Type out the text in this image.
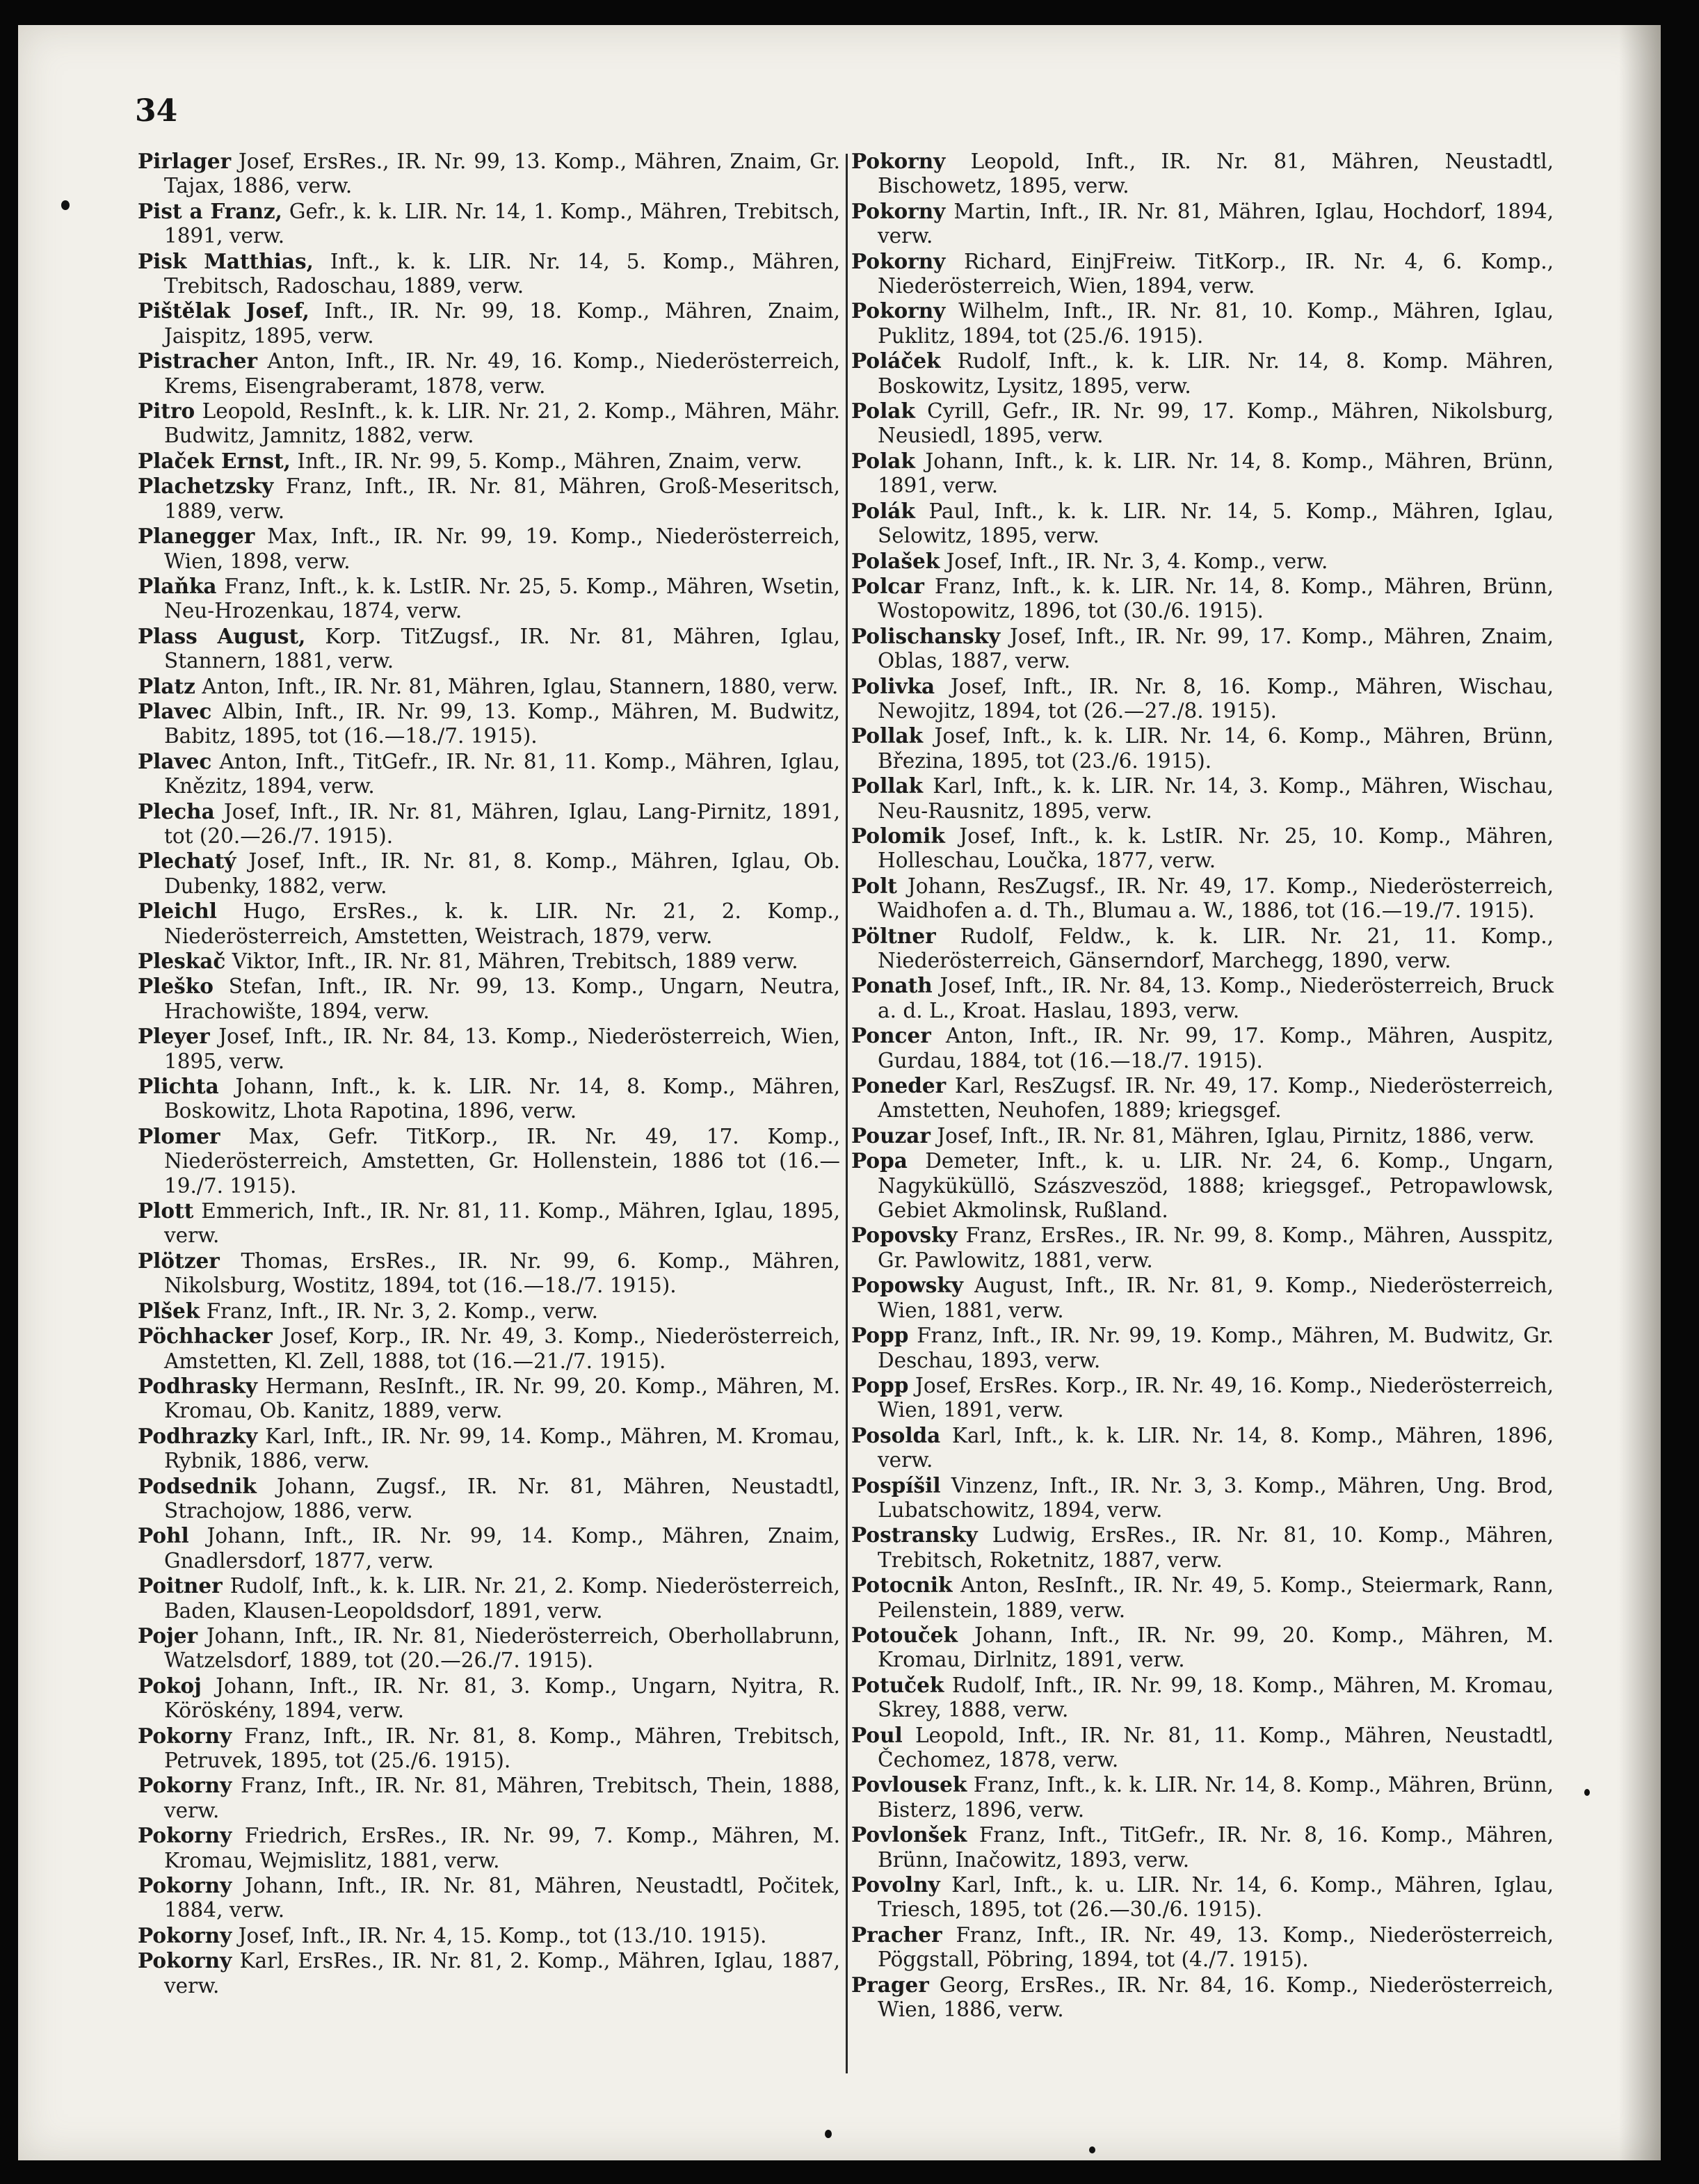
34
Pirlager Josef, ErsRes., IR. Nr. 99, 13. Komp., Mähren, Znaim, Gr. Tajax, 1886, verw.
Pist a Franz, Gefr., k. k. LIR. Nr. 14, 1. Komp., Mähren, Trebitsch, 1891, verw.
Pisk Matthias, Inft., k. k. LIR. Nr. 14, 5. Komp., Mähren, Trebitsch, Radoschau, 1889, verw.
Pištělak Josef, Inft., IR. Nr. 99, 18. Komp., Mähren, Znaim, Jaispitz, 1895, verw.
Pistracher Anton, Inft., IR. Nr. 49, 16. Komp., Niederösterreich, Krems, Eisengraberamt, 1878, verw.
Pitro Leopold, ResInft., k. k. LIR. Nr. 21, 2. Komp., Mähren, Mähr. Budwitz, Jamnitz, 1882, verw.
Plaček Ernst, Inft., IR. Nr. 99, 5. Komp., Mähren, Znaim, verw.
Plachetzsky Franz, Inft., IR. Nr. 81, Mähren, Groß-Meseritsch, 1889, verw.
Planegger Max, Inft., IR. Nr. 99, 19. Komp., Niederösterreich, Wien, 1898, verw.
Plaňka Franz, Inft., k. k. LstIR. Nr. 25, 5. Komp., Mähren, Wsetin, Neu-Hrozenkau, 1874, verw.
Plass August, Korp. TitZugsf., IR. Nr. 81, Mähren, Iglau, Stannern, 1881, verw.
Platz Anton, Inft., IR. Nr. 81, Mähren, Iglau, Stannern, 1880, verw.
Plavec Albin, Inft., IR. Nr. 99, 13. Komp., Mähren, M. Budwitz, Babitz, 1895, tot (16.—18./7. 1915).
Plavec Anton, Inft., TitGefr., IR. Nr. 81, 11. Komp., Mähren, Iglau, Knězitz, 1894, verw.
Plecha Josef, Inft., IR. Nr. 81, Mähren, Iglau, Lang-Pirnitz, 1891, tot (20.—26./7. 1915).
Plechatý Josef, Inft., IR. Nr. 81, 8. Komp., Mähren, Iglau, Ob. Dubenky, 1882, verw.
Pleichl Hugo, ErsRes., k. k. LIR. Nr. 21, 2. Komp., Niederösterreich, Amstetten, Weistrach, 1879, verw.
Pleskač Viktor, Inft., IR. Nr. 81, Mähren, Trebitsch, 1889 verw.
Pleško Stefan, Inft., IR. Nr. 99, 13. Komp., Ungarn, Neutra, Hrachowište, 1894, verw.
Pleyer Josef, Inft., IR. Nr. 84, 13. Komp., Niederösterreich, Wien, 1895, verw.
Plichta Johann, Inft., k. k. LIR. Nr. 14, 8. Komp., Mähren, Boskowitz, Lhota Rapotina, 1896, verw.
Plomer Max, Gefr. TitKorp., IR. Nr. 49, 17. Komp., Niederösterreich, Amstetten, Gr. Hollenstein, 1886 tot (16.—19./7. 1915).
Plott Emmerich, Inft., IR. Nr. 81, 11. Komp., Mähren, Iglau, 1895, verw.
Plötzer Thomas, ErsRes., IR. Nr. 99, 6. Komp., Mähren, Nikolsburg, Wostitz, 1894, tot (16.—18./7. 1915).
Plšek Franz, Inft., IR. Nr. 3, 2. Komp., verw.
Pöchhacker Josef, Korp., IR. Nr. 49, 3. Komp., Niederösterreich, Amstetten, Kl. Zell, 1888, tot (16.—21./7. 1915).
Podhrasky Hermann, ResInft., IR. Nr. 99, 20. Komp., Mähren, M. Kromau, Ob. Kanitz, 1889, verw.
Podhrazky Karl, Inft., IR. Nr. 99, 14. Komp., Mähren, M. Kromau, Rybnik, 1886, verw.
Podsednik Johann, Zugsf., IR. Nr. 81, Mähren, Neustadtl, Strachojow, 1886, verw.
Pohl Johann, Inft., IR. Nr. 99, 14. Komp., Mähren, Znaim, Gnadlersdorf, 1877, verw.
Poitner Rudolf, Inft., k. k. LIR. Nr. 21, 2. Komp. Niederösterreich, Baden, Klausen-Leopoldsdorf, 1891, verw.
Pojer Johann, Inft., IR. Nr. 81, Niederösterreich, Oberhollabrunn, Watzelsdorf, 1889, tot (20.—26./7. 1915).
Pokoj Johann, Inft., IR. Nr. 81, 3. Komp., Ungarn, Nyitra, R. Köröskény, 1894, verw.
Pokorny Franz, Inft., IR. Nr. 81, 8. Komp., Mähren, Trebitsch, Petruvek, 1895, tot (25./6. 1915).
Pokorny Franz, Inft., IR. Nr. 81, Mähren, Trebitsch, Thein, 1888, verw.
Pokorny Friedrich, ErsRes., IR. Nr. 99, 7. Komp., Mähren, M. Kromau, Wejmislitz, 1881, verw.
Pokorny Johann, Inft., IR. Nr. 81, Mähren, Neustadtl, Počitek, 1884, verw.
Pokorny Josef, Inft., IR. Nr. 4, 15. Komp., tot (13./10. 1915).
Pokorny Karl, ErsRes., IR. Nr. 81, 2. Komp., Mähren, Iglau, 1887, verw.
Pokorny Leopold, Inft., IR. Nr. 81, Mähren, Neustadtl, Bischowetz, 1895, verw.
Pokorny Martin, Inft., IR. Nr. 81, Mähren, Iglau, Hochdorf, 1894, verw.
Pokorny Richard, EinjFreiw. TitKorp., IR. Nr. 4, 6. Komp., Niederösterreich, Wien, 1894, verw.
Pokorny Wilhelm, Inft., IR. Nr. 81, 10. Komp., Mähren, Iglau, Puklitz, 1894, tot (25./6. 1915).
Poláček Rudolf, Inft., k. k. LIR. Nr. 14, 8. Komp. Mähren, Boskowitz, Lysitz, 1895, verw.
Polak Cyrill, Gefr., IR. Nr. 99, 17. Komp., Mähren, Nikolsburg, Neusiedl, 1895, verw.
Polak Johann, Inft., k. k. LIR. Nr. 14, 8. Komp., Mähren, Brünn, 1891, verw.
Polák Paul, Inft., k. k. LIR. Nr. 14, 5. Komp., Mähren, Iglau, Selowitz, 1895, verw.
Polašek Josef, Inft., IR. Nr. 3, 4. Komp., verw.
Polcar Franz, Inft., k. k. LIR. Nr. 14, 8. Komp., Mähren, Brünn, Wostopowitz, 1896, tot (30./6. 1915).
Polischansky Josef, Inft., IR. Nr. 99, 17. Komp., Mähren, Znaim, Oblas, 1887, verw.
Polivka Josef, Inft., IR. Nr. 8, 16. Komp., Mähren, Wischau, Newojitz, 1894, tot (26.—27./8. 1915).
Pollak Josef, Inft., k. k. LIR. Nr. 14, 6. Komp., Mähren, Brünn, Březina, 1895, tot (23./6. 1915).
Pollak Karl, Inft., k. k. LIR. Nr. 14, 3. Komp., Mähren, Wischau, Neu-Rausnitz, 1895, verw.
Polomik Josef, Inft., k. k. LstIR. Nr. 25, 10. Komp., Mähren, Holleschau, Loučka, 1877, verw.
Polt Johann, ResZugsf., IR. Nr. 49, 17. Komp., Niederösterreich, Waidhofen a. d. Th., Blumau a. W., 1886, tot (16.—19./7. 1915).
Pöltner Rudolf, Feldw., k. k. LIR. Nr. 21, 11. Komp., Niederösterreich, Gänserndorf, Marchegg, 1890, verw.
Ponath Josef, Inft., IR. Nr. 84, 13. Komp., Niederösterreich, Bruck a. d. L., Kroat. Haslau, 1893, verw.
Poncer Anton, Inft., IR. Nr. 99, 17. Komp., Mähren, Auspitz, Gurdau, 1884, tot (16.—18./7. 1915).
Poneder Karl, ResZugsf. IR. Nr. 49, 17. Komp., Niederösterreich, Amstetten, Neuhofen, 1889; kriegsgef.
Pouzar Josef, Inft., IR. Nr. 81, Mähren, Iglau, Pirnitz, 1886, verw.
Popa Demeter, Inft., k. u. LIR. Nr. 24, 6. Komp., Ungarn, Nagyküküllö, Szászveszöd, 1888; kriegsgef., Petropawlowsk, Gebiet Akmolinsk, Rußland.
Popovsky Franz, ErsRes., IR. Nr. 99, 8. Komp., Mähren, Ausspitz, Gr. Pawlowitz, 1881, verw.
Popowsky August, Inft., IR. Nr. 81, 9. Komp., Niederösterreich, Wien, 1881, verw.
Popp Franz, Inft., IR. Nr. 99, 19. Komp., Mähren, M. Budwitz, Gr. Deschau, 1893, verw.
Popp Josef, ErsRes. Korp., IR. Nr. 49, 16. Komp., Niederösterreich, Wien, 1891, verw.
Posolda Karl, Inft., k. k. LIR. Nr. 14, 8. Komp., Mähren, 1896, verw.
Pospíšil Vinzenz, Inft., IR. Nr. 3, 3. Komp., Mähren, Ung. Brod, Lubatschowitz, 1894, verw.
Postransky Ludwig, ErsRes., IR. Nr. 81, 10. Komp., Mähren, Trebitsch, Roketnitz, 1887, verw.
Potocnik Anton, ResInft., IR. Nr. 49, 5. Komp., Steiermark, Rann, Peilenstein, 1889, verw.
Potouček Johann, Inft., IR. Nr. 99, 20. Komp., Mähren, M. Kromau, Dirlnitz, 1891, verw.
Potuček Rudolf, Inft., IR. Nr. 99, 18. Komp., Mähren, M. Kromau, Skrey, 1888, verw.
Poul Leopold, Inft., IR. Nr. 81, 11. Komp., Mähren, Neustadtl, Čechomez, 1878, verw.
Povlousek Franz, Inft., k. k. LIR. Nr. 14, 8. Komp., Mähren, Brünn, Bisterz, 1896, verw.
Povlonšek Franz, Inft., TitGefr., IR. Nr. 8, 16. Komp., Mähren, Brünn, Inačowitz, 1893, verw.
Povolny Karl, Inft., k. u. LIR. Nr. 14, 6. Komp., Mähren, Iglau, Triesch, 1895, tot (26.—30./6. 1915).
Pracher Franz, Inft., IR. Nr. 49, 13. Komp., Niederösterreich, Pöggstall, Pöbring, 1894, tot (4./7. 1915).
Prager Georg, ErsRes., IR. Nr. 84, 16. Komp., Niederösterreich, Wien, 1886, verw.
